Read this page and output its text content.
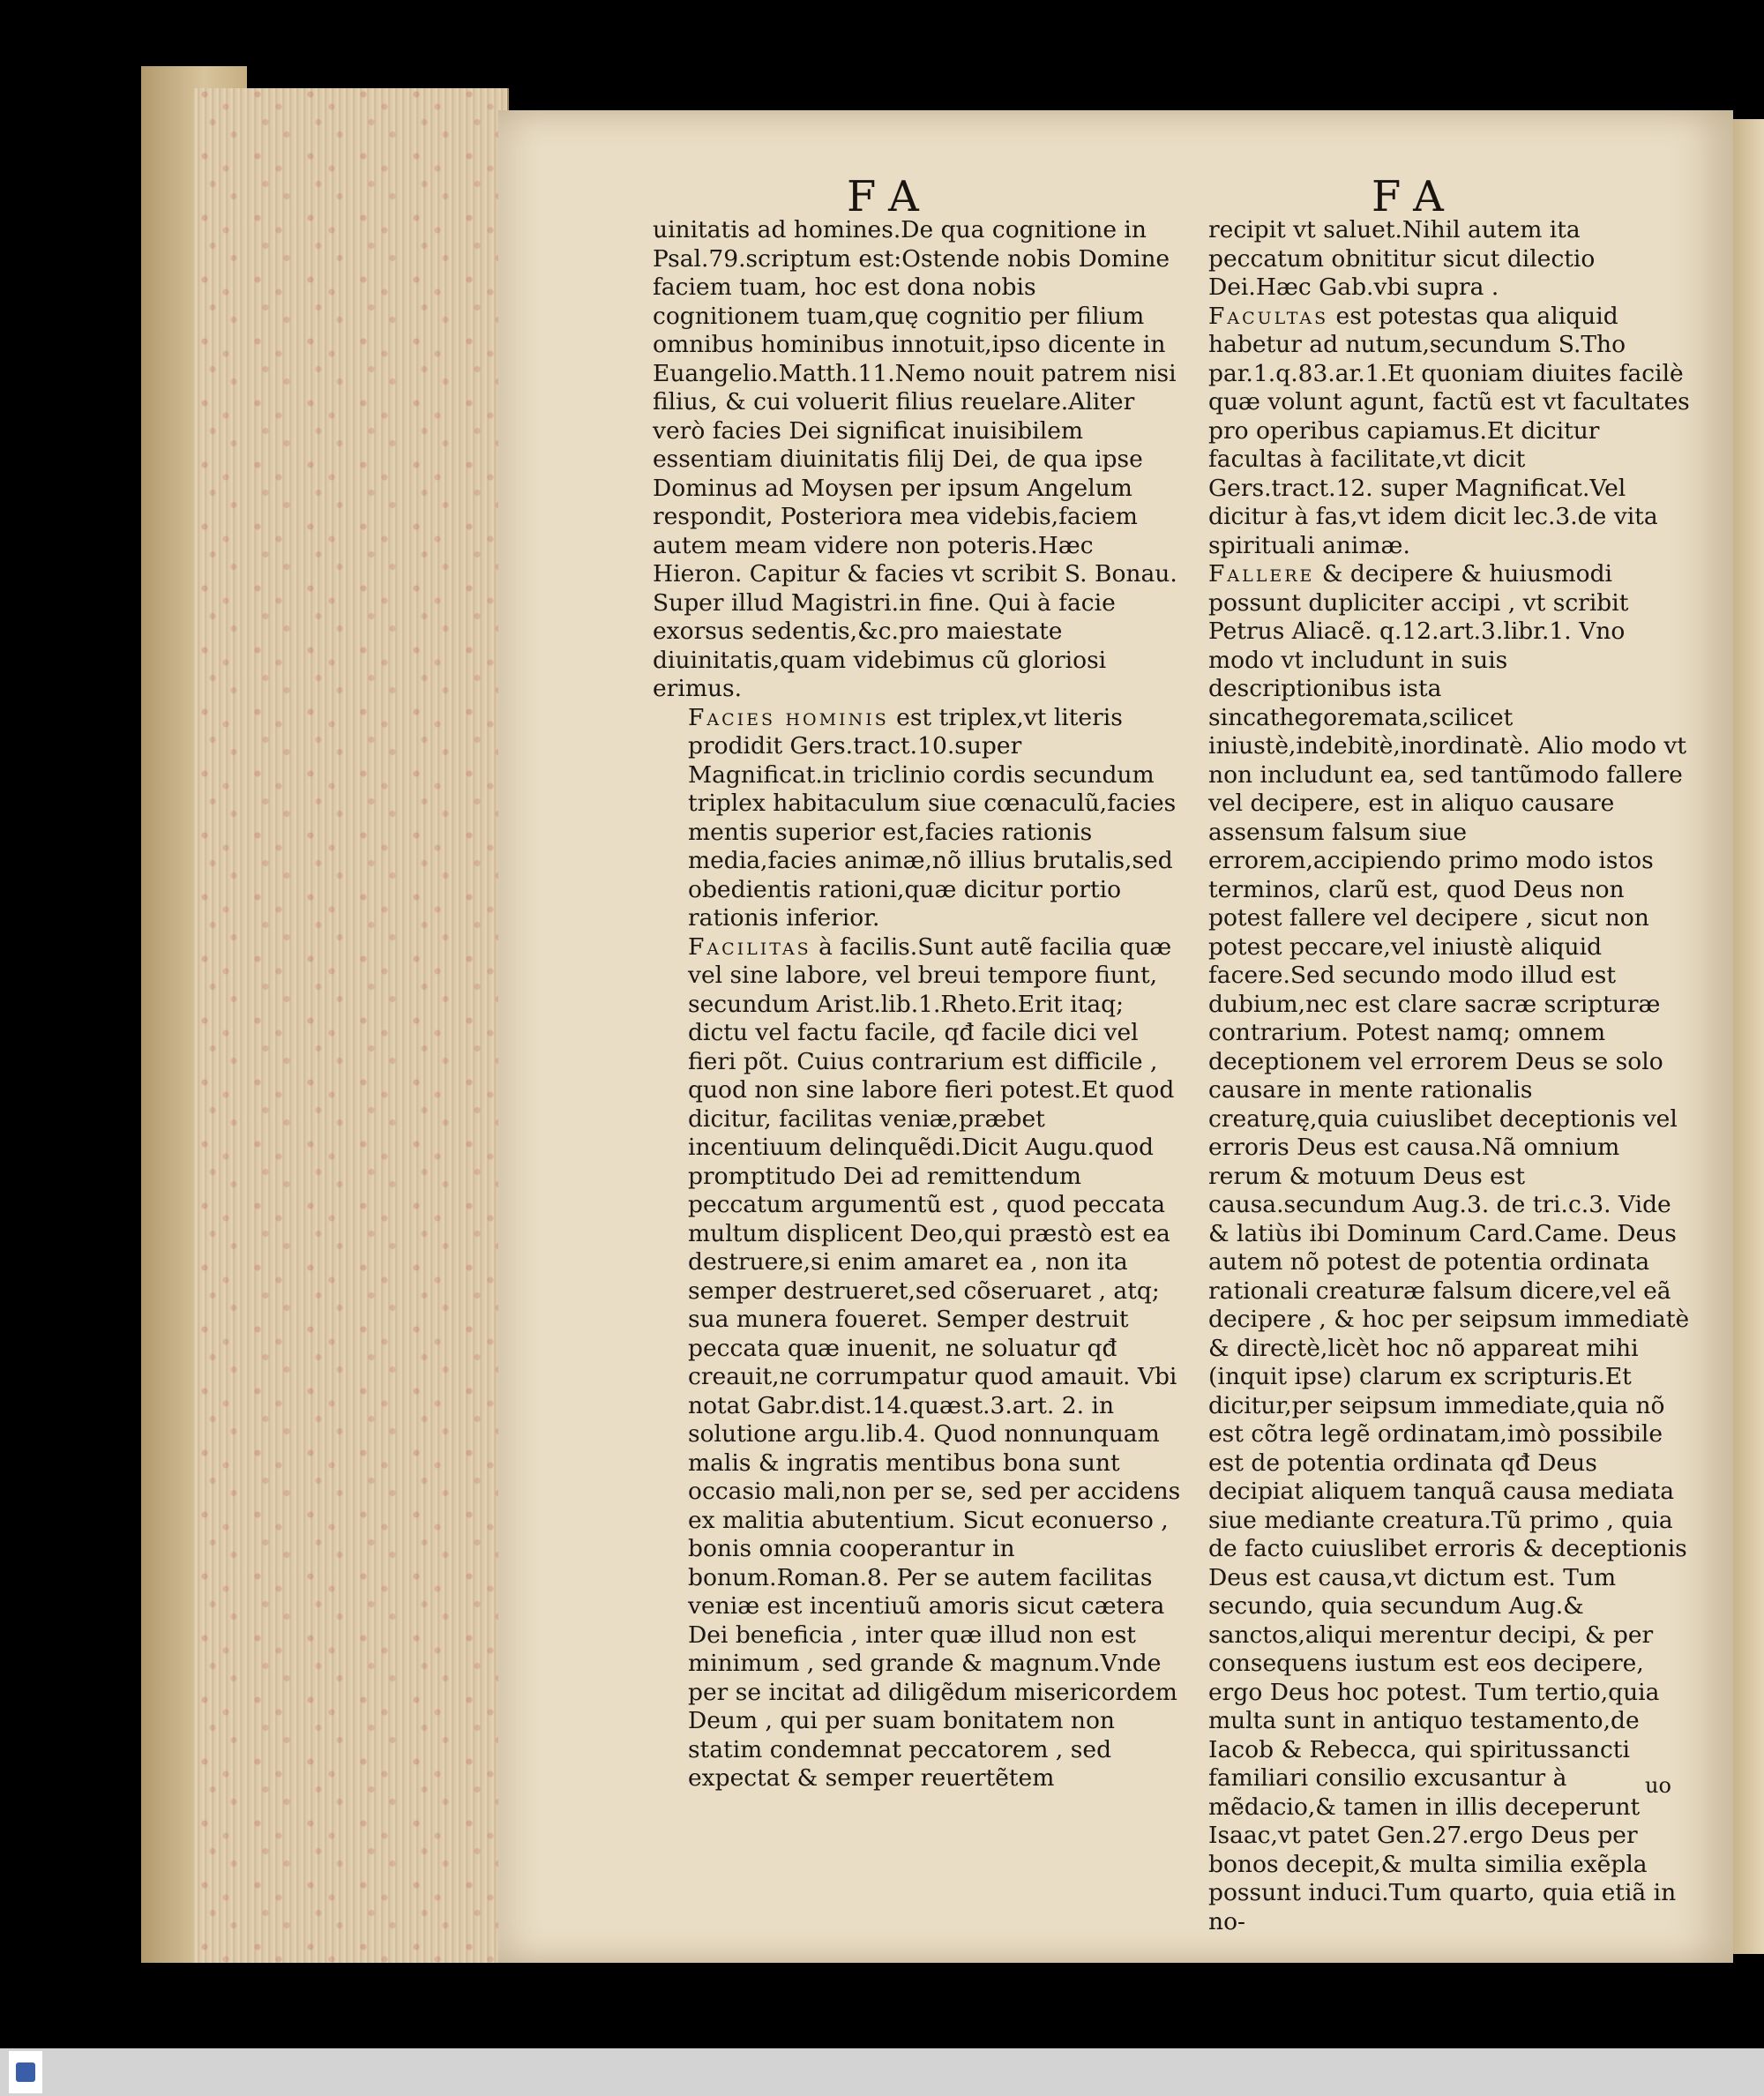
FA	FA

uinitatis ad homines.De qua cognitione in Psal.79.scriptum est:Ostende nobis Domine faciem tuam, hoc est dona nobis cognitionem tuam,quę cognitio per filium omnibus hominibus innotuit,ipso dicente in Euangelio.Matth.11.Nemo nouit patrem nisi filius, & cui voluerit filius reuelare.Aliter verò facies Dei significat inuisibilem essentiam diuinitatis filij Dei, de qua ipse Dominus ad Moysen per ipsum Angelum respondit, Posteriora mea videbis,faciem autem meam videre non poteris.Hæc Hieron. Capitur & facies vt scribit S. Bonau. Super illud Magistri.in fine. Qui à facie exorsus sedentis,&c.pro maiestate diuinitatis,quam videbimus cũ gloriosi erimus.

Facies hominis est triplex,vt literis prodidit Gers.tract.10.super Magnificat.in triclinio cordis secundum triplex habitaculum siue cœnaculũ,facies mentis superior est,facies rationis media,facies animæ,nõ illius brutalis,sed obedientis rationi,quæ dicitur portio rationis inferior.

Facilitas à facilis.Sunt autẽ facilia quæ vel sine labore, vel breui tempore fiunt, secundum Arist.lib.1.Rheto.Erit itaq; dictu vel factu facile, qđ facile dici vel fieri põt. Cuius contrarium est difficile , quod non sine labore fieri potest.Et quod dicitur, facilitas veniæ,præbet incentiuum delinquẽdi.Dicit Augu.quod promptitudo Dei ad remittendum peccatum argumentũ est , quod peccata multum displicent Deo,qui præstò est ea destruere,si enim amaret ea , non ita semper destrueret,sed cõseruaret , atq; sua munera foueret. Semper destruit peccata quæ inuenit, ne soluatur qđ creauit,ne corrumpatur quod amauit. Vbi notat Gabr.dist.14.quæst.3.art. 2. in solutione argu.lib.4. Quod nonnunquam malis & ingratis mentibus bona sunt occasio mali,non per se, sed per accidens ex malitia abutentium. Sicut econuerso , bonis omnia cooperantur in bonum.Roman.8. Per se autem facilitas veniæ est incentiuũ amoris sicut cætera Dei beneficia , inter quæ illud non est minimum , sed grande & magnum.Vnde per se incitat ad diligẽdum misericordem Deum , qui per suam bonitatem non statim condemnat peccatorem , sed expectat & semper reuertẽtem

recipit vt saluet.Nihil autem ita peccatum obnititur sicut dilectio Dei.Hæc Gab.vbi supra .

Facultas est potestas qua aliquid habetur ad nutum,secundum S.Tho par.1.q.83.ar.1.Et quoniam diuites facilè quæ volunt agunt, factũ est vt facultates pro operibus capiamus.Et dicitur facultas à facilitate,vt dicit Gers.tract.12. super Magnificat.Vel dicitur à fas,vt idem dicit lec.3.de vita spirituali animæ.

Fallere & decipere & huiusmodi possunt dupliciter accipi , vt scribit Petrus Aliacẽ. q.12.art.3.libr.1. Vno modo vt includunt in suis descriptionibus ista sincathegoremata,scilicet iniustè,indebitè,inordinatè. Alio modo vt non includunt ea, sed tantũmodo fallere vel decipere, est in aliquo causare assensum falsum siue errorem,accipiendo primo modo istos terminos, clarũ est, quod Deus non potest fallere vel decipere , sicut non potest peccare,vel iniustè aliquid facere.Sed secundo modo illud est dubium,nec est clare sacræ scripturæ contrarium. Potest namq; omnem deceptionem vel errorem Deus se solo causare in mente rationalis creaturę,quia cuiuslibet deceptionis vel erroris Deus est causa.Nã omnium rerum & motuum Deus est causa.secundum Aug.3. de tri.c.3. Vide & latiùs ibi Dominum Card.Came. Deus autem nõ potest de potentia ordinata rationali creaturæ falsum dicere,vel eã decipere , & hoc per seipsum immediatè & directè,licèt hoc nõ appareat mihi (inquit ipse) clarum ex scripturis.Et dicitur,per seipsum immediate,quia nõ est cõtra legẽ ordinatam,imò possibile est de potentia ordinata qđ Deus decipiat aliquem tanquã causa mediata siue mediante creatura.Tũ primo , quia de facto cuiuslibet erroris & deceptionis Deus est causa,vt dictum est. Tum secundo, quia secundum Aug.& sanctos,aliqui merentur decipi, & per consequens iustum est eos decipere, ergo Deus hoc potest. Tum tertio,quia multa sunt in antiquo testamento,de Iacob & Rebecca, qui spiritussancti familiari consilio excusantur à mẽdacio,& tamen in illis deceperunt Isaac,vt patet Gen.27.ergo Deus per bonos decepit,& multa similia exẽpla possunt induci.Tum quarto, quia etiã in no-

uo
